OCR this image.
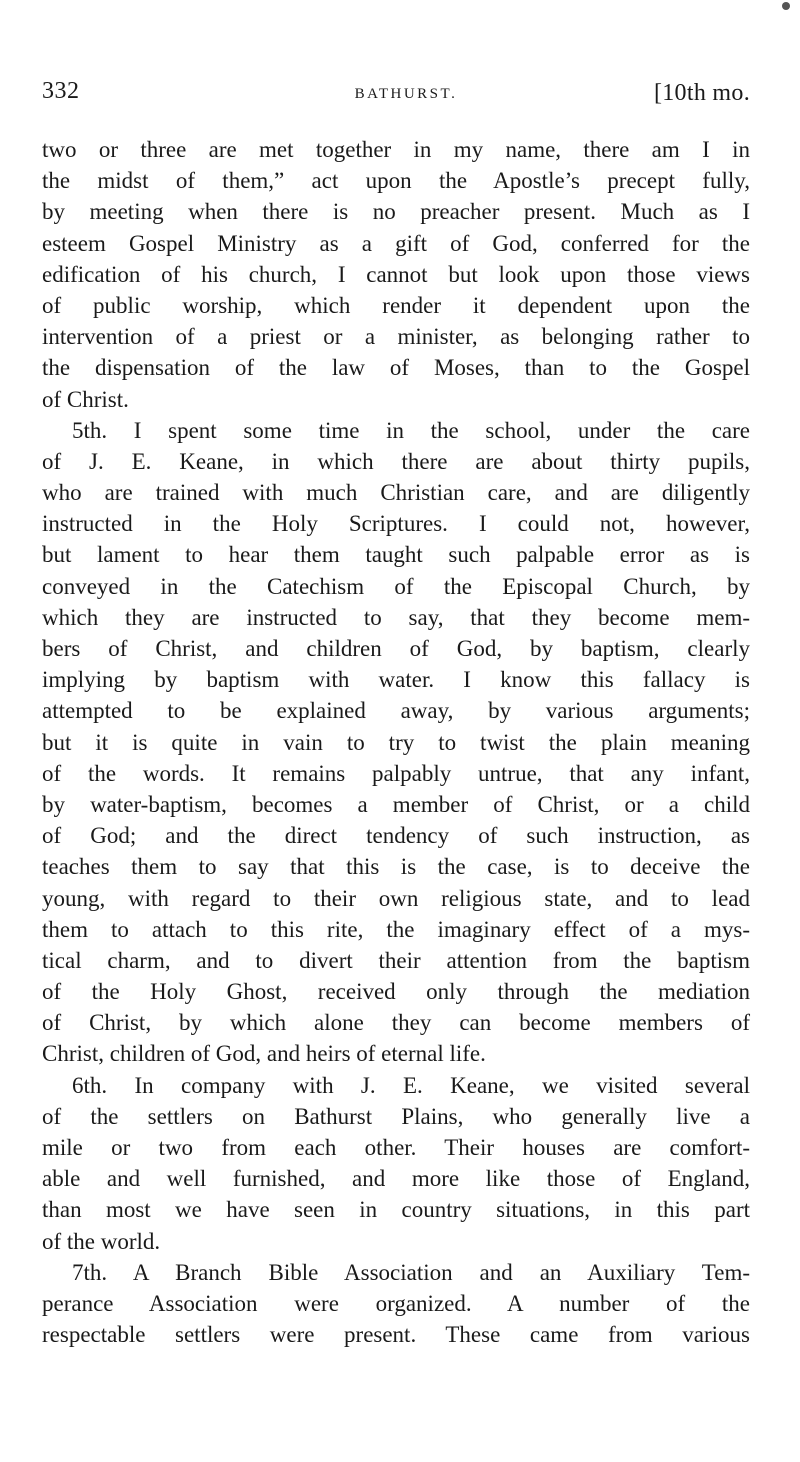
332	BATHURST.	[10th mo.
two or three are met together in my name, there am I in
the midst of them,” act upon the Apostle’s precept fully,
by meeting when there is no preacher present. Much as I
esteem Gospel Ministry as a gift of God, conferred for the
edification of his church, I cannot but look upon those views
of public worship, which render it dependent upon the
intervention of a priest or a minister, as belonging rather to
the dispensation of the law of Moses, than to the Gospel
of Christ.
5th. I spent some time in the school, under the care
of J. E. Keane, in which there are about thirty pupils,
who are trained with much Christian care, and are diligently
instructed in the Holy Scriptures. I could not, however,
but lament to hear them taught such palpable error as is
conveyed in the Catechism of the Episcopal Church, by
which they are instructed to say, that they become mem-
bers of Christ, and children of God, by baptism, clearly
implying by baptism with water. I know this fallacy is
attempted to be explained away, by various arguments;
but it is quite in vain to try to twist the plain meaning
of the words. It remains palpably untrue, that any infant,
by water-baptism, becomes a member of Christ, or a child
of God; and the direct tendency of such instruction, as
teaches them to say that this is the case, is to deceive the
young, with regard to their own religious state, and to lead
them to attach to this rite, the imaginary effect of a mys-
tical charm, and to divert their attention from the baptism
of the Holy Ghost, received only through the mediation
of Christ, by which alone they can become members of
Christ, children of God, and heirs of eternal life.
6th. In company with J. E. Keane, we visited several
of the settlers on Bathurst Plains, who generally live a
mile or two from each other. Their houses are comfort-
able and well furnished, and more like those of England,
than most we have seen in country situations, in this part
of the world.
7th. A Branch Bible Association and an Auxiliary Tem-
perance Association were organized. A number of the
respectable settlers were present. These came from various
